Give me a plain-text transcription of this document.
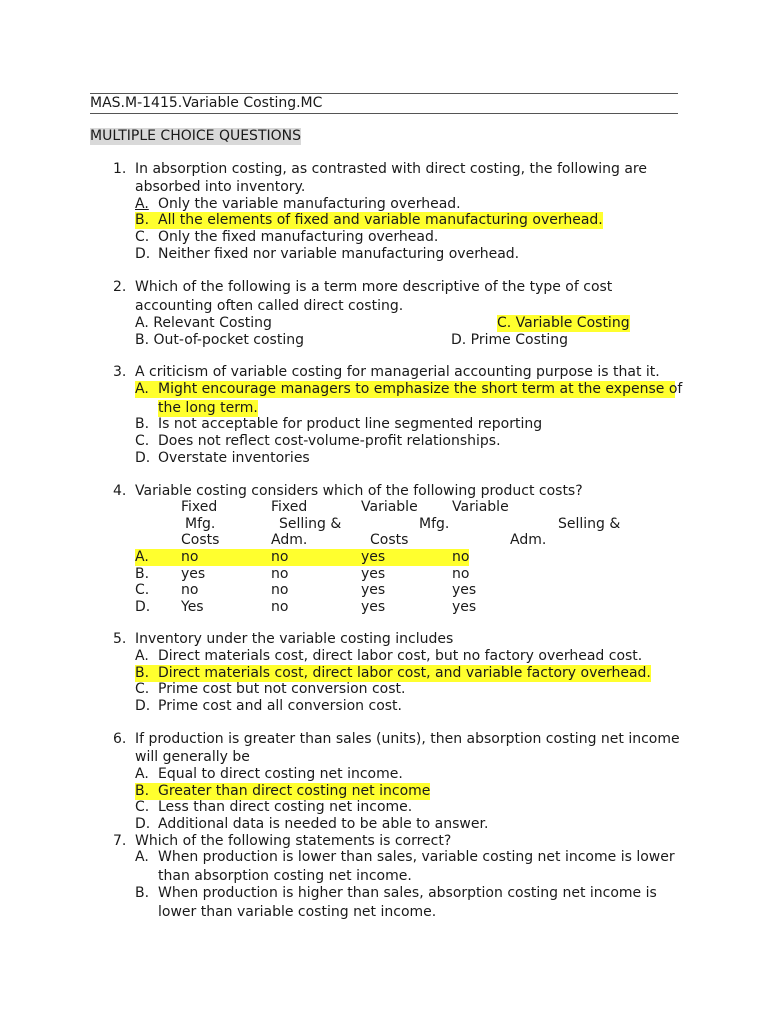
MAS.M-1415.Variable Costing.MC
MULTIPLE CHOICE QUESTIONS
1. In absorption costing, as contrasted with direct costing, the following are
absorbed into inventory.
A. Only the variable manufacturing overhead.
B. All the elements of fixed and variable manufacturing overhead.
C. Only the fixed manufacturing overhead.
D. Neither fixed nor variable manufacturing overhead.
2. Which of the following is a term more descriptive of the type of cost
accounting often called direct costing.
A. Relevant Costing	C. Variable Costing
B. Out-of-pocket costing	D. Prime Costing
3. A criticism of variable costing for managerial accounting purpose is that it.
A. Might encourage managers to emphasize the short term at the expense of
the long term.
B. Is not acceptable for product line segmented reporting
C. Does not reflect cost-volume-profit relationships.
D. Overstate inventories
4. Variable costing considers which of the following product costs?
Fixed	Fixed	Variable Variable
Mfg.	Selling &	Mfg.	Selling &
Costs	Adm.	Costs	Adm.
A. no	no	yes	no
B. yes	no	yes	no
C. no	no	yes	yes
D. Yes	no	yes	yes
5. Inventory under the variable costing includes
A. Direct materials cost, direct labor cost, but no factory overhead cost.
B. Direct materials cost, direct labor cost, and variable factory overhead.
C. Prime cost but not conversion cost.
D. Prime cost and all conversion cost.
6. If production is greater than sales (units), then absorption costing net income
will generally be
A. Equal to direct costing net income.
B. Greater than direct costing net income
C. Less than direct costing net income.
D. Additional data is needed to be able to answer.
7. Which of the following statements is correct?
A. When production is lower than sales, variable costing net income is lower
than absorption costing net income.
B. When production is higher than sales, absorption costing net income is
lower than variable costing net income.
